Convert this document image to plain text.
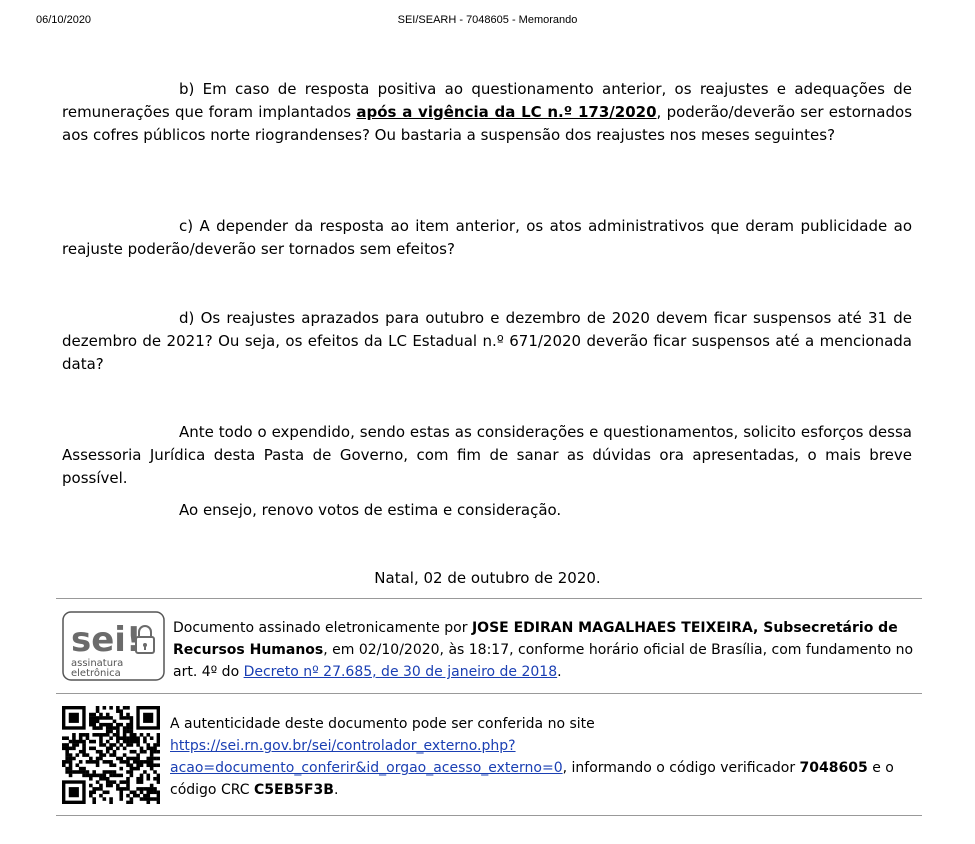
06/10/2020	SEI/SEARH - 7048605 - Memorando

b) Em caso de resposta positiva ao questionamento anterior, os reajustes e adequações de remunerações que foram implantados após a vigência da LC n.º 173/2020, poderão/deverão ser estornados aos cofres públicos norte riograndenses? Ou bastaria a suspensão dos reajustes nos meses seguintes?

c) A depender da resposta ao item anterior, os atos administrativos que deram publicidade ao reajuste poderão/deverão ser tornados sem efeitos?

d) Os reajustes aprazados para outubro e dezembro de 2020 devem ficar suspensos até 31 de dezembro de 2021? Ou seja, os efeitos da LC Estadual n.º 671/2020 deverão ficar suspensos até a mencionada data?

Ante todo o expendido, sendo estas as considerações e questionamentos, solicito esforços dessa Assessoria Jurídica desta Pasta de Governo, com fim de sanar as dúvidas ora apresentadas, o mais breve possível.

Ao ensejo, renovo votos de estima e consideração.

Natal, 02 de outubro de 2020.
sei!
assinatura
eletrônica

Documento assinado eletronicamente por JOSE EDIRAN MAGALHAES TEIXEIRA, Subsecretário de Recursos Humanos, em 02/10/2020, às 18:17, conforme horário oficial de Brasília, com fundamento no art. 4º do Decreto nº 27.685, de 30 de janeiro de 2018.

A autenticidade deste documento pode ser conferida no site https://sei.rn.gov.br/sei/controlador_externo.php?
acao=documento_conferir&id_orgao_acesso_externo=0, informando o código verificador 7048605 e o código CRC C5EB5F3B.
